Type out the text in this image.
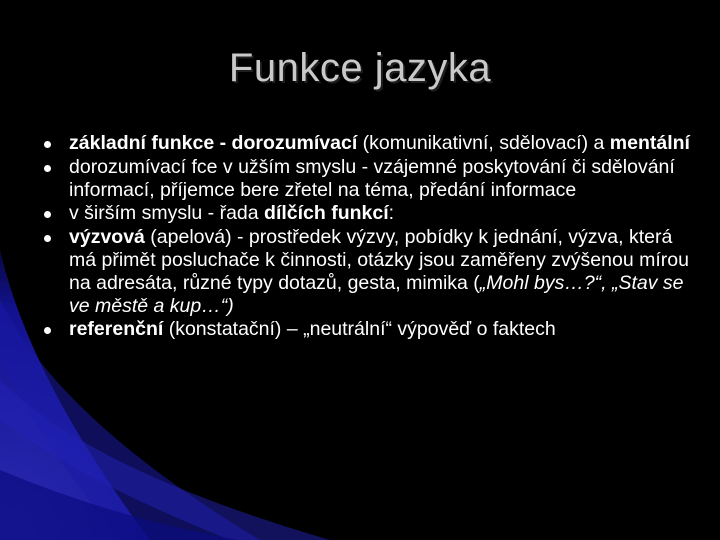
Funkce jazyka
základní funkce - dorozumívací (komunikativní, sdělovací) a mentální
dorozumívací fce v užším smyslu - vzájemné poskytování či sdělování informací, příjemce bere zřetel na téma, předání informace
v širším smyslu - řada dílčích funkcí:
výzvová (apelová) - prostředek výzvy, pobídky k jednání, výzva, která má přimět posluchače k činnosti, otázky jsou zaměřeny zvýšenou mírou na adresáta, různé typy dotazů, gesta, mimika („Mohl bys…?“, „Stav se ve městě a kup…“)
referenční (konstatační) – „neutrální“ výpověď o faktech
